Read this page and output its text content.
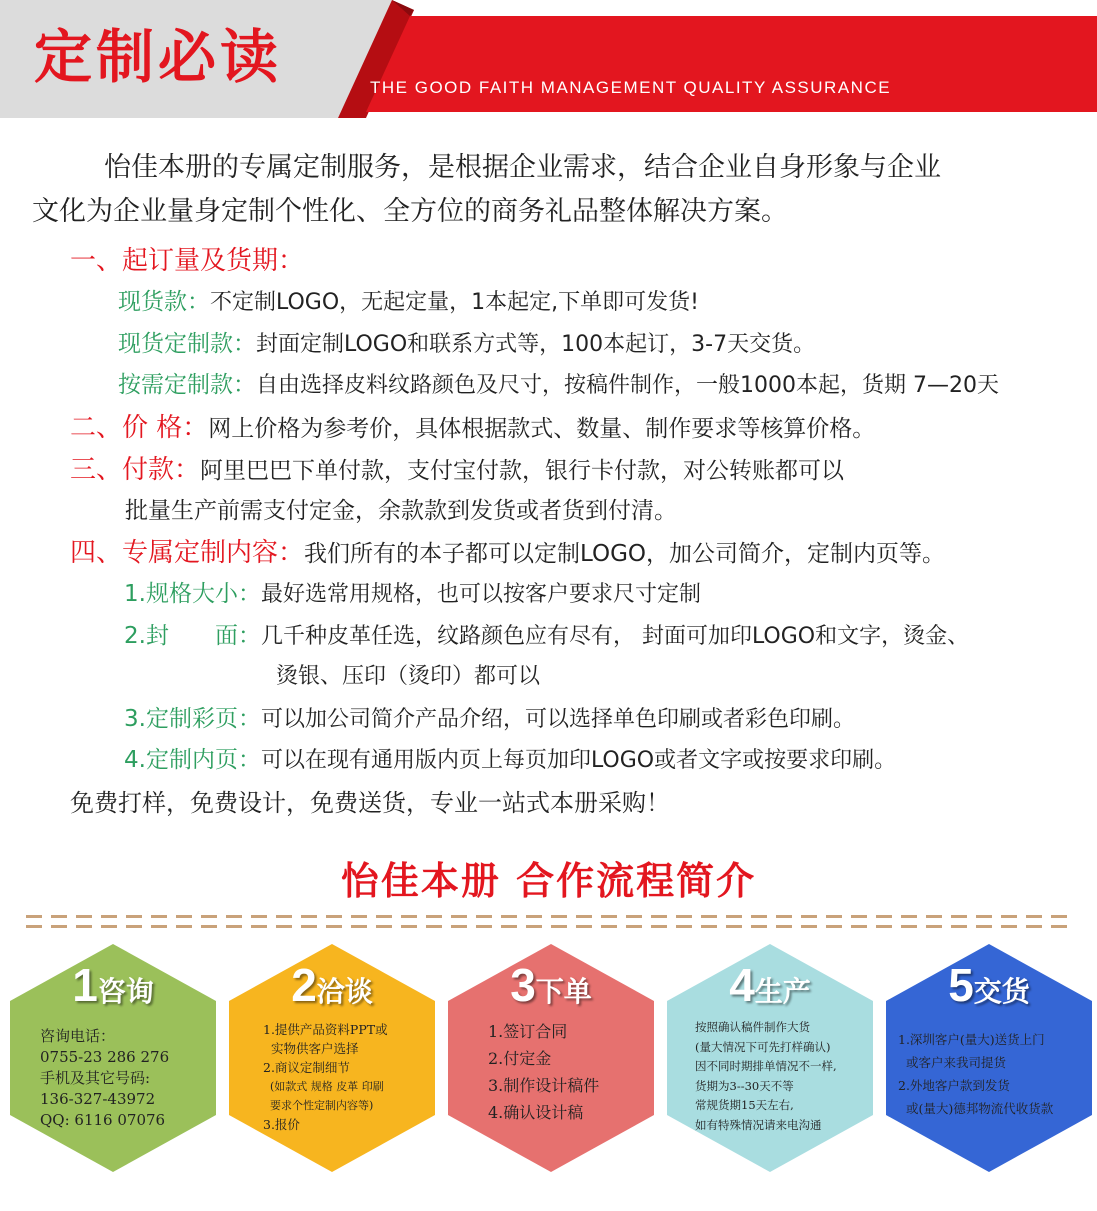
定制必读	THE GOOD FAITH MANAGEMENT QUALITY ASSURANCE
怡佳本册的专属定制服务，是根据企业需求，结合企业自身形象与企业
文化为企业量身定制个性化、全方位的商务礼品整体解决方案。
一、起订量及货期：
现货款：不定制LOGO，无起定量，1本起定,下单即可发货!
现货定制款：封面定制LOGO和联系方式等，100本起订，3-7天交货。
按需定制款：自由选择皮料纹路颜色及尺寸，按稿件制作，一般1000本起，货期 7—20天
二、价 格：网上价格为参考价，具体根据款式、数量、制作要求等核算价格。
三、付款：阿里巴巴下单付款，支付宝付款，银行卡付款，对公转账都可以
批量生产前需支付定金，余款款到发货或者货到付清。
四、专属定制内容：我们所有的本子都可以定制LOGO，加公司简介，定制内页等。
1.规格大小：最好选常用规格，也可以按客户要求尺寸定制
2.封　　面：几千种皮革任选，纹路颜色应有尽有， 封面可加印LOGO和文字，烫金、
烫银、压印（烫印）都可以
3.定制彩页：可以加公司简介产品介绍，可以选择单色印刷或者彩色印刷。
4.定制内页：可以在现有通用版内页上每页加印LOGO或者文字或按要求印刷。
免费打样，免费设计，免费送货，专业一站式本册采购！
怡佳本册 合作流程简介
1咨询
咨询电话：
0755-23 286 276
手机及其它号码:
136-327-43972
QQ: 6116 07076
2洽谈
1.提供产品资料PPT或
实物供客户选择
2.商议定制细节
(如款式 规格 皮革 印刷
要求个性定制内容等)
3.报价
3下单
1.签订合同
2.付定金
3.制作设计稿件
4.确认设计稿
4生产
按照确认稿件制作大货
(量大情况下可先打样确认)
因不同时期排单情况不一样,
货期为3--30天不等
常规货期15天左右,
如有特殊情况请来电沟通
5交货
1.深圳客户(量大)送货上门
或客户来我司提货
2.外地客户款到发货
或(量大)德邦物流代收货款
